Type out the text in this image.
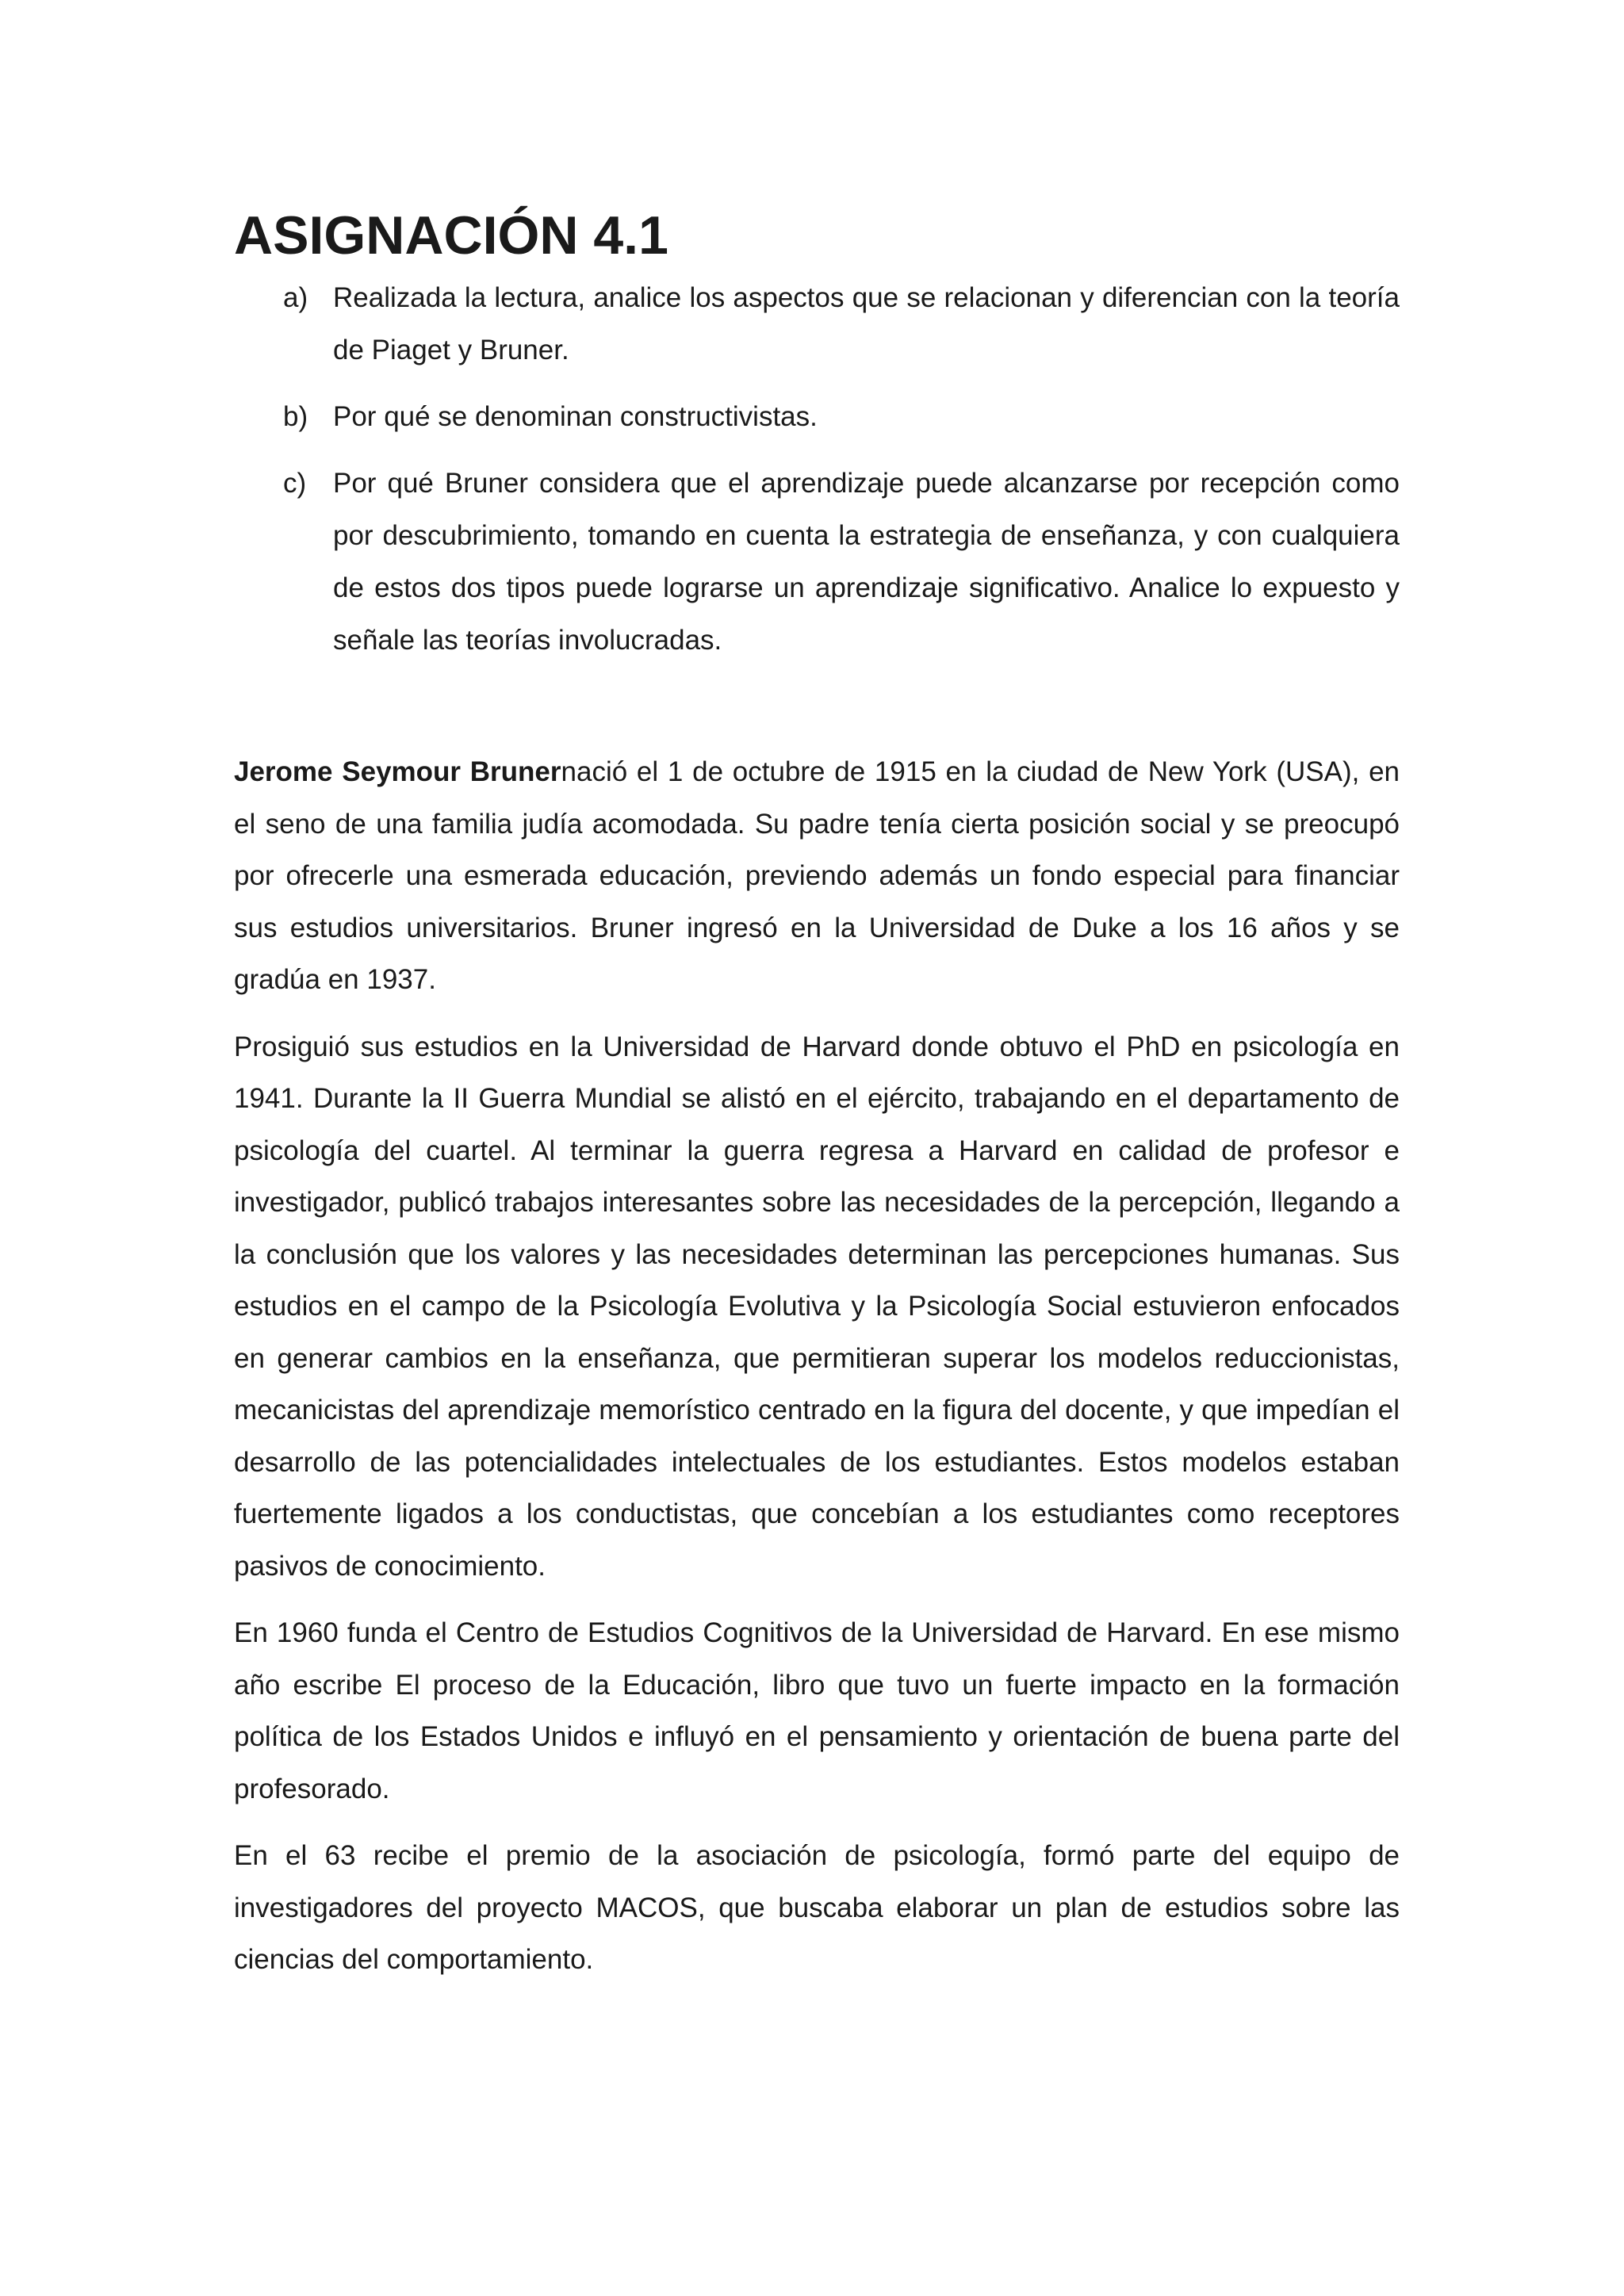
ASIGNACIÓN 4.1
a) Realizada la lectura, analice los aspectos que se relacionan y diferencian con la teoría de Piaget y Bruner.
b) Por qué se denominan constructivistas.
c) Por qué Bruner considera que el aprendizaje puede alcanzarse por recepción como por descubrimiento, tomando en cuenta la estrategia de enseñanza, y con cualquiera de estos dos tipos puede lograrse un aprendizaje significativo. Analice lo expuesto y señale las teorías involucradas.

Jerome Seymour Brunernació el 1 de octubre de 1915 en la ciudad de New York (USA), en el seno de una familia judía acomodada. Su padre tenía cierta posición social y se preocupó por ofrecerle una esmerada educación, previendo además un fondo especial para financiar sus estudios universitarios. Bruner ingresó en la Universidad de Duke a los 16 años y se gradúa en 1937.

Prosiguió sus estudios en la Universidad de Harvard donde obtuvo el PhD en psicología en 1941. Durante la II Guerra Mundial se alistó en el ejército, trabajando en el departamento de psicología del cuartel. Al terminar la guerra regresa a Harvard en calidad de profesor e investigador, publicó trabajos interesantes sobre las necesidades de la percepción, llegando a la conclusión que los valores y las necesidades determinan las percepciones humanas. Sus estudios en el campo de la Psicología Evolutiva y la Psicología Social estuvieron enfocados en generar cambios en la enseñanza, que permitieran superar los modelos reduccionistas, mecanicistas del aprendizaje memorístico centrado en la figura del docente, y que impedían el desarrollo de las potencialidades intelectuales de los estudiantes. Estos modelos estaban fuertemente ligados a los conductistas, que concebían a los estudiantes como receptores pasivos de conocimiento.

En 1960 funda el Centro de Estudios Cognitivos de la Universidad de Harvard. En ese mismo año escribe El proceso de la Educación, libro que tuvo un fuerte impacto en la formación política de los Estados Unidos e influyó en el pensamiento y orientación de buena parte del profesorado.

En el 63 recibe el premio de la asociación de psicología, formó parte del equipo de investigadores del proyecto MACOS, que buscaba elaborar un plan de estudios sobre las ciencias del comportamiento.
